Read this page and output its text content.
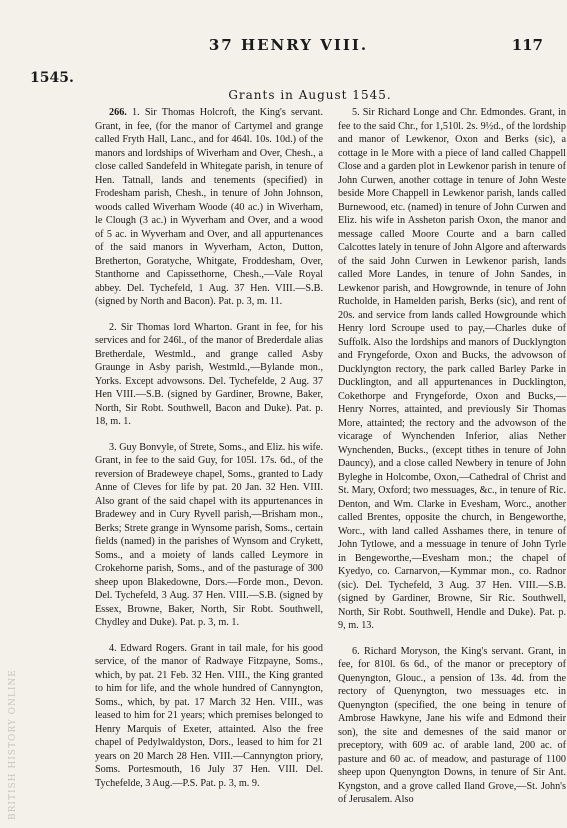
37 HENRY VIII.	117
1545.
Grants in August 1545.

266. 1. Sir Thomas Holcroft, the King's servant. Grant, in fee, (for the manor of Cartymel and grange called Fryth Hall, Lanc., and for 464l. 10s. 10d.) of the manors and lordships of Wiverham and Over, Chesh., a close called Sandefeld in Whitegate parish, in tenure of Hen. Tatnall, lands and tenements (specified) in Frodesham parish, Chesh., in tenure of John Johnson, woods called Wiverham Woode (40 ac.) in Wiverham, le Clough (3 ac.) in Wyverham and Over, and a wood of 5 ac. in Wyverham and Over, and all appurtenances of the said manors in Wyverham, Acton, Dutton, Bretherton, Goratyche, Whitgate, Froddesham, Over, Stanthorne and Capissethorne, Chesh.,—Vale Royal abbey. Del. Tychefeld, 1 Aug. 37 Hen. VIII.—S.B. (signed by North and Bacon). Pat. p. 3, m. 11.

2. Sir Thomas lord Wharton. Grant in fee, for his services and for 246l., of the manor of Brederdale alias Bretherdale, Westmld., and grange called Asby Graunge in Asby parish, Westmld.,—Bylande mon., Yorks. Except advowsons. Del. Tychefelde, 2 Aug. 37 Hen VIII.—S.B. (signed by Gardiner, Browne, Baker, North, Sir Robt. Southwell, Bacon and Duke). Pat. p. 18, m. 1.

3. Guy Bonvyle, of Strete, Soms., and Eliz. his wife. Grant, in fee to the said Guy, for 105l. 17s. 6d., of the reversion of Bradeweye chapel, Soms., granted to Lady Anne of Cleves for life by pat. 20 Jan. 32 Hen. VIII. Also grant of the said chapel with its appurtenances in Bradewey and in Cury Ryvell parish,—Brisham mon., Berks; Strete grange in Wynsome parish, Soms., certain fields (named) in the parishes of Wynsom and Crykett, Soms., and a moiety of lands called Leymore in Crokehorne parish, Soms., and of the pasturage of 300 sheep upon Blakedowne, Dors.—Forde mon., Devon. Del. Tychefeld, 3 Aug. 37 Hen. VIII.—S.B. (signed by Essex, Browne, Baker, North, Sir Robt. Southwell, Chydley and Duke). Pat. p. 3, m. 1.

4. Edward Rogers. Grant in tail male, for his good service, of the manor of Radwaye Fitzpayne, Soms., which, by pat. 21 Feb. 32 Hen. VIII., the King granted to him for life, and the whole hundred of Cannyngton, Soms., which, by pat. 17 March 32 Hen. VIII., was leased to him for 21 years; which premises belonged to Henry Marquis of Exeter, attainted. Also the free chapel of Pedylwaldyston, Dors., leased to him for 21 years on 20 March 28 Hen. VIII.—Cannyngton priory, Soms. Portesmouth, 16 July 37 Hen. VIII. Del. Tychefelde, 3 Aug.—P.S. Pat. p. 3, m. 9.

5. Sir Richard Longe and Chr. Edmondes. Grant, in fee to the said Chr., for 1,510l. 2s. 9½d., of the lordship and manor of Lewkenor, Oxon and Berks (sic), a cottage in le More with a piece of land called Chappell Close and a garden plot in Lewkenor parish in tenure of John Curwen, another cottage in tenure of John Weste beside More Chappell in Lewkenor parish, lands called Burnewood, etc. (named) in tenure of John Curwen and Eliz. his wife in Assheton parish Oxon, the manor and message called Moore Courte and a barn called Calcottes lately in tenure of John Algore and afterwards of the said John Curwen in Lewkenor parish, lands called More Landes, in tenure of John Sandes, in Lewkenor parish, and Howgrownde, in tenure of John Rucholde, in Hamelden parish, Berks (sic), and rent of 20s. and service from lands called Howgrounde which Henry lord Scroupe used to pay,—Charles duke of Suffolk. Also the lordships and manors of Ducklyngton and Fryngeforde, Oxon and Bucks, the advowson of Ducklyngton rectory, the park called Barley Parke in Ducklington, and all appurtenances in Ducklington, Cokethorpe and Fryngeforde, Oxon and Bucks,—Henry Norres, attainted, and previously Sir Thomas More, attainted; the rectory and the advowson of the vicarage of Wynchenden Inferior, alias Nether Wynchenden, Bucks., (except tithes in tenure of John Dauncy), and a close called Newbery in tenure of John Byleghe in Holcombe, Oxon,—Cathedral of Christ and St. Mary, Oxford; two messuages, &c., in tenure of Ric. Denton, and Wm. Clarke in Evesham, Worc., another called Brentes, opposite the church, in Bengeworthe, Worc., with land called Asshames there, in tenure of John Tytlowe, and a messuage in tenure of John Tyrle in Bengeworthe,—Evesham mon.; the chapel of Kyedyo, co. Carnarvon,—Kymmar mon., co. Radnor (sic). Del. Tychefeld, 3 Aug. 37 Hen. VIII.—S.B. (signed by Gardiner, Browne, Sir Ric. Southwell, North, Sir Robt. Southwell, Hendle and Duke). Pat. p. 9, m. 13.

6. Richard Moryson, the King's servant. Grant, in fee, for 810l. 6s 6d., of the manor or preceptory of Quenyngton, Glouc., a pension of 13s. 4d. from the rectory of Quenyngton, two messuages etc. in Quenyngton (specified, the one being in tenure of Ambrose Hawkyne, Jane his wife and Edmond their son), the site and demesnes of the said manor or preceptory, with 609 ac. of arable land, 200 ac. of pasture and 60 ac. of meadow, and pasturage of 1100 sheep upon Quenyngton Downs, in tenure of Sir Ant. Kyngston, and a grove called Iland Grove,—St. John's of Jerusalem. Also

BRITISH HISTORY ONLINE
